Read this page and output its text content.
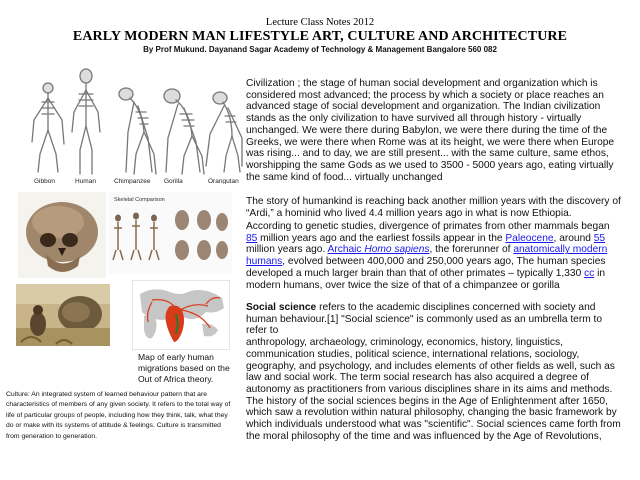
Lecture Class Notes 2012
EARLY MODERN MAN LIFESTYLE ART, CULTURE AND ARCHITECTURE
By Prof Mukund. Dayanand Sagar Academy of Technology & Management Bangalore 560 082
Gibbon	Human	Chimpanzee Gorilla	Orangutan
Skeletal Comparison
Map of early human migrations based on the Out of Africa theory.
Culture: An integrated system of learned behaviour pattern that are characteristics of members of any given society. It refers to the total way of life of particular groups of people, including how they think, talk, what they do or make with its systems of attitude & feelings. Culture is transmitted from generation to generation.

Civilization ; the stage of human social development and organization which is considered most advanced; the process by which a society or place reaches an advanced stage of social development and organization. The Indian civilization stands as the only civilization to have survived all through history - virtually unchanged. We were there during Babylon, we were there during the time of the Greeks, we were there when Rome was at its height, we were there when Europe was rising... and to day, we are still present... with the same culture, same ethos, worshipping the same Gods as we used to 3500 - 5000 years ago, eating virtually the same kind of food... virtually unchanged

The story of humankind is reaching back another million years with the discovery of “Ardi,” a hominid who lived 4.4 million years ago in what is now Ethiopia.

According to genetic studies, divergence of primates from other mammals began 85 million years ago and the earliest fossils appear in the Paleocene, around 55 million years ago. Archaic Homo sapiens, the forerunner of anatomically modern humans, evolved between 400,000 and 250,000 years ago, The human species developed a much larger brain than that of other primates – typically 1,330 cc in modern humans, over twice the size of that of a chimpanzee or gorilla

Social science refers to the academic disciplines concerned with society and human behaviour.[1] "Social science" is commonly used as an umbrella term to refer to
anthropology, archaeology, criminology, economics, history, linguistics, communication studies, political science, international relations, sociology, geography, and psychology, and includes elements of other fields as well, such as law and social work. The term social research has also acquired a degree of autonomy as practitioners from various disciplines share in its aims and methods. The history of the social sciences begins in the Age of Enlightenment after 1650, which saw a revolution within natural philosophy, changing the basic framework by which individuals understood what was "scientific". Social sciences came forth from the moral philosophy of the time and was influenced by the Age of Revolutions,
